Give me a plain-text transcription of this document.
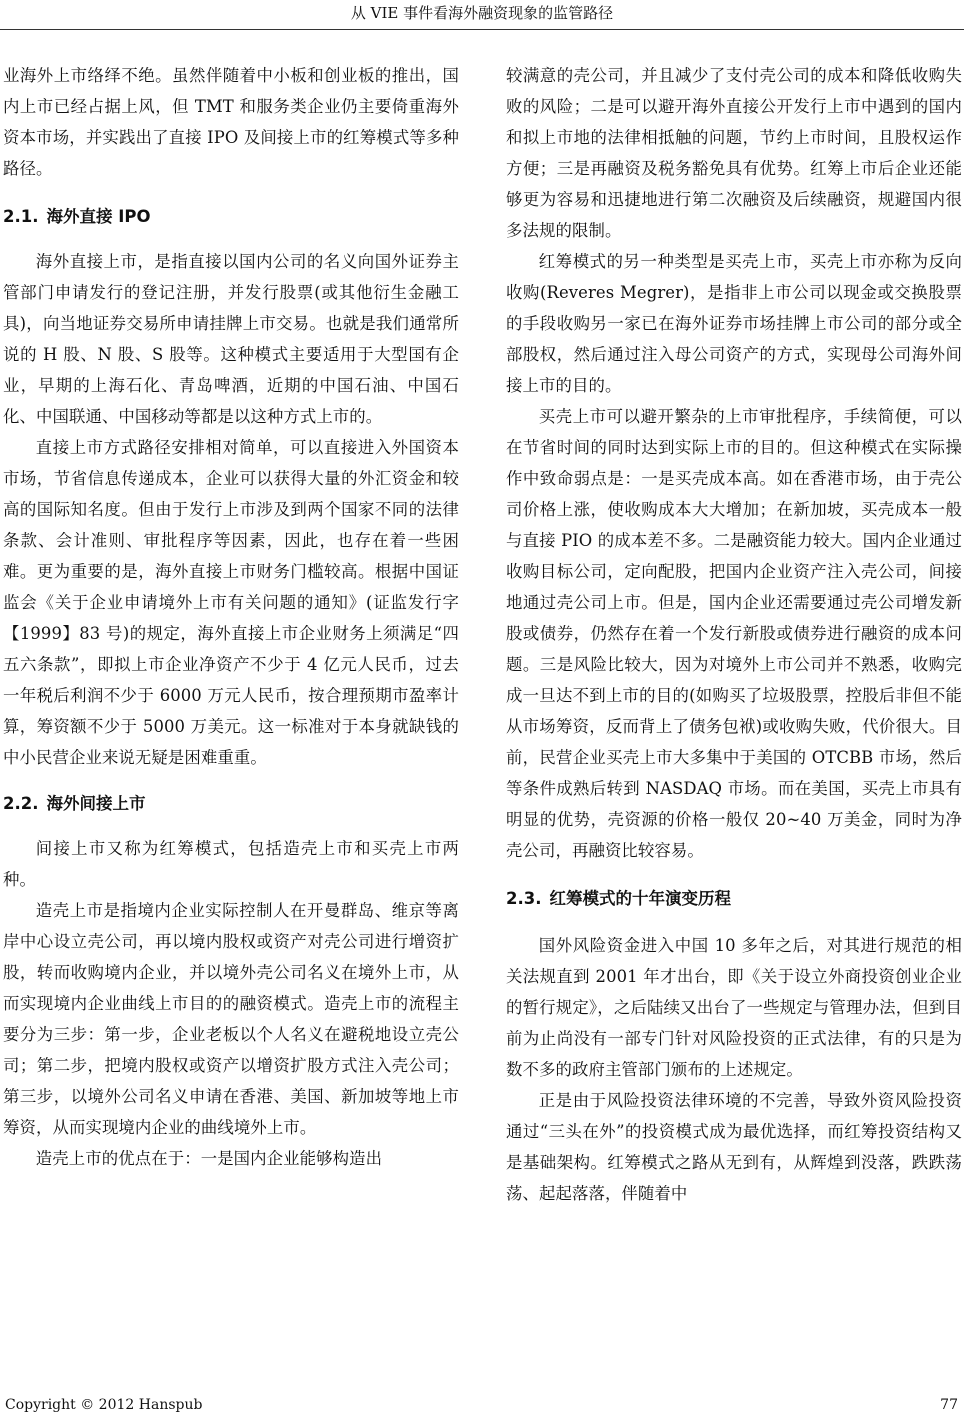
从 VIE 事件看海外融资现象的监管路径

业海外上市络绎不绝。虽然伴随着中小板和创业板的推出，国内上市已经占据上风，但 TMT 和服务类企业仍主要倚重海外资本市场，并实践出了直接 IPO 及间接上市的红筹模式等多种路径。

2.1. 海外直接 IPO

海外直接上市，是指直接以国内公司的名义向国外证券主管部门申请发行的登记注册，并发行股票(或其他衍生金融工具)，向当地证券交易所申请挂牌上市交易。也就是我们通常所说的 H 股、N 股、S 股等。这种模式主要适用于大型国有企业，早期的上海石化、青岛啤酒，近期的中国石油、中国石化、中国联通、中国移动等都是以这种方式上市的。

直接上市方式路径安排相对简单，可以直接进入外国资本市场，节省信息传递成本，企业可以获得大量的外汇资金和较高的国际知名度。但由于发行上市涉及到两个国家不同的法律条款、会计准则、审批程序等因素，因此，也存在着一些困难。更为重要的是，海外直接上市财务门槛较高。根据中国证监会《关于企业申请境外上市有关问题的通知》(证监发行字【1999】83 号)的规定，海外直接上市企业财务上须满足“四五六条款”，即拟上市企业净资产不少于 4 亿元人民币，过去一年税后利润不少于 6000 万元人民币，按合理预期市盈率计算，筹资额不少于 5000 万美元。这一标准对于本身就缺钱的中小民营企业来说无疑是困难重重。

2.2. 海外间接上市

间接上市又称为红筹模式，包括造壳上市和买壳上市两种。

造壳上市是指境内企业实际控制人在开曼群岛、维京等离岸中心设立壳公司，再以境内股权或资产对壳公司进行增资扩股，转而收购境内企业，并以境外壳公司名义在境外上市，从而实现境内企业曲线上市目的的融资模式。造壳上市的流程主要分为三步：第一步，企业老板以个人名义在避税地设立壳公司；第二步，把境内股权或资产以增资扩股方式注入壳公司；第三步，以境外公司名义申请在香港、美国、新加坡等地上市筹资，从而实现境内企业的曲线境外上市。

造壳上市的优点在于：一是国内企业能够构造出

较满意的壳公司，并且减少了支付壳公司的成本和降低收购失败的风险；二是可以避开海外直接公开发行上市中遇到的国内和拟上市地的法律相抵触的问题，节约上市时间，且股权运作方便；三是再融资及税务豁免具有优势。红筹上市后企业还能够更为容易和迅捷地进行第二次融资及后续融资，规避国内很多法规的限制。

红筹模式的另一种类型是买壳上市，买壳上市亦称为反向收购(Reveres Megrer)，是指非上市公司以现金或交换股票的手段收购另一家已在海外证券市场挂牌上市公司的部分或全部股权，然后通过注入母公司资产的方式，实现母公司海外间接上市的目的。

买壳上市可以避开繁杂的上市审批程序，手续简便，可以在节省时间的同时达到实际上市的目的。但这种模式在实际操作中致命弱点是：一是买壳成本高。如在香港市场，由于壳公司价格上涨，使收购成本大大增加；在新加坡，买壳成本一般与直接 PIO 的成本差不多。二是融资能力较大。国内企业通过收购目标公司，定向配股，把国内企业资产注入壳公司，间接地通过壳公司上市。但是，国内企业还需要通过壳公司增发新股或债券，仍然存在着一个发行新股或债券进行融资的成本问题。三是风险比较大，因为对境外上市公司并不熟悉，收购完成一旦达不到上市的目的(如购买了垃圾股票，控股后非但不能从市场筹资，反而背上了债务包袱)或收购失败，代价很大。目前，民营企业买壳上市大多集中于美国的 OTCBB 市场，然后等条件成熟后转到 NASDAQ 市场。而在美国，买壳上市具有明显的优势，壳资源的价格一般仅 20~40 万美金，同时为净壳公司，再融资比较容易。

2.3. 红筹模式的十年演变历程

国外风险资金进入中国 10 多年之后，对其进行规范的相关法规直到 2001 年才出台，即《关于设立外商投资创业企业的暂行规定》，之后陆续又出台了一些规定与管理办法，但到目前为止尚没有一部专门针对风险投资的正式法律，有的只是为数不多的政府主管部门颁布的上述规定。

正是由于风险投资法律环境的不完善，导致外资风险投资通过“三头在外”的投资模式成为最优选择，而红筹投资结构又是基础架构。红筹模式之路从无到有，从辉煌到没落，跌跌荡荡、起起落落，伴随着中

Copyright © 2012 Hanspub	77
